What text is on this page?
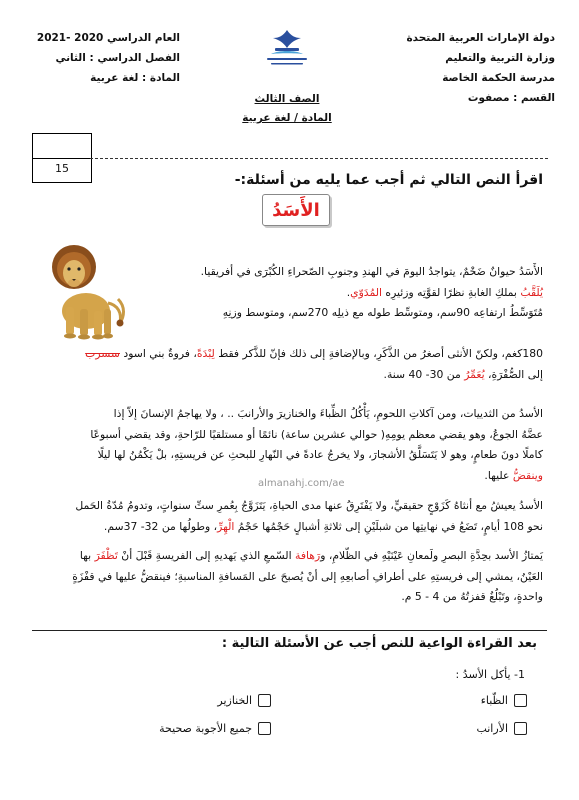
دولة الإمارات العربية المتحدة
وزارة التربية والتعليم
مدرسة الحكمة الخاصة
القسم : مصفوت
العام الدراسي 2020 -2021
الفصل الدراسي : الثاني
المادة : لغة عربية
الصف الثالث
المادة / لغة عربية
15
اقرأ النص التالي ثم أجب عما يليه من أسئلة:-
الأَسَدُ
الأَسَدُ حيوانٌ ضَخْمٌ، يتواجدُ اليومَ في الهندِ وجنوبِ الصّحراءِ الكُبْرَى في أفريقيا.
يُلَقَّبُ بملكِ الغابةِ نظرًا لقوَّتِه وزئيرِه المُدَوّي.
مُتَوَسِّطُ ارتفاعِه 90سم، ومتوسِّط طوله مع ذيلِه 270سم، ومتوسط وزنِهِ
180كغم، ولكنّ الأنثى أصغرُ من الذَّكَرِ، وبالإضافةِ إلى ذلك فإنّ للذَّكر فقط لِبْدَةً، فروةٌ بني اسود سسرب
إلى الصُّفْرَةِ، يُعَمِّرُ من 30- 40 سنة.
الأسدُ من الثدييات، ومن آكلاتِ اللحومِ، يَأْكُلُ الظِّباءَ والخنازيرَ والأرانبَ .. ، ولا يهاجمُ الإنسانَ إلاّ إذا
عضَّهُ الجوعُ، وهو يقضي معظم يومِهِ( حوالي عشرين ساعة) نائمًا أو مستلقيًا للرّاحةِ، وقد يقضي أسبوعًا
كاملًا دونَ طعامٍ، وهو لا يَتَسَلَّقُ الأشجارَ، ولا يخرجُ عادةً في النّهارِ للبحثِ عن فريستِهِ، بلْ يَكْمُنُ لها ليلًا
وينقضُّ عليها.
الأسدُ يعيشُ مع أنثاهُ كَزَوْجٍ حقيقيٍّ، ولا يَفْتَرِقُ عنها مدى الحياةِ، يَتَزَوَّجُ بِعُمرِ ستِّ سنواتٍ، وتدومُ مُدّةُ الحَمل
نحو 108 أيامٍ، تَضَعُ في نهايتِها من شبلَيْنِ إلى ثلاثةِ أشبالٍ حَجْمُها حَجْمُ الْهِرِّ، وطولُها من 32- 37سم.
almanahj.com/ae
يَمتازُ الأسد بحِدَّةِ البصرِ ولَمعانِ عَيْنَيْهِ في الظّلامِ، ورَهافة السّمعِ الذي يَهديهِ إلى الفريسةِ قَبْلَ أنْ تَظْفَرَ بها
العَيْنُ، يمشي إلى فريستِهِ على أطرافِ أصابعِهِ إلى أنْ يُصبحَ على المَسافةِ المناسبةِ؛ فينقضُّ عليها في قفْزَةٍ
واحدةٍ، وتَبْلُغُ قفزتُهُ من 4 - 5 م.
بعد القراءة الواعية للنص أجب عن الأسئلة التالية :
1- يأكل الأسدُ :
الظّباء
الخنازير
الأرانب
جميع الأجوبة صحيحة
